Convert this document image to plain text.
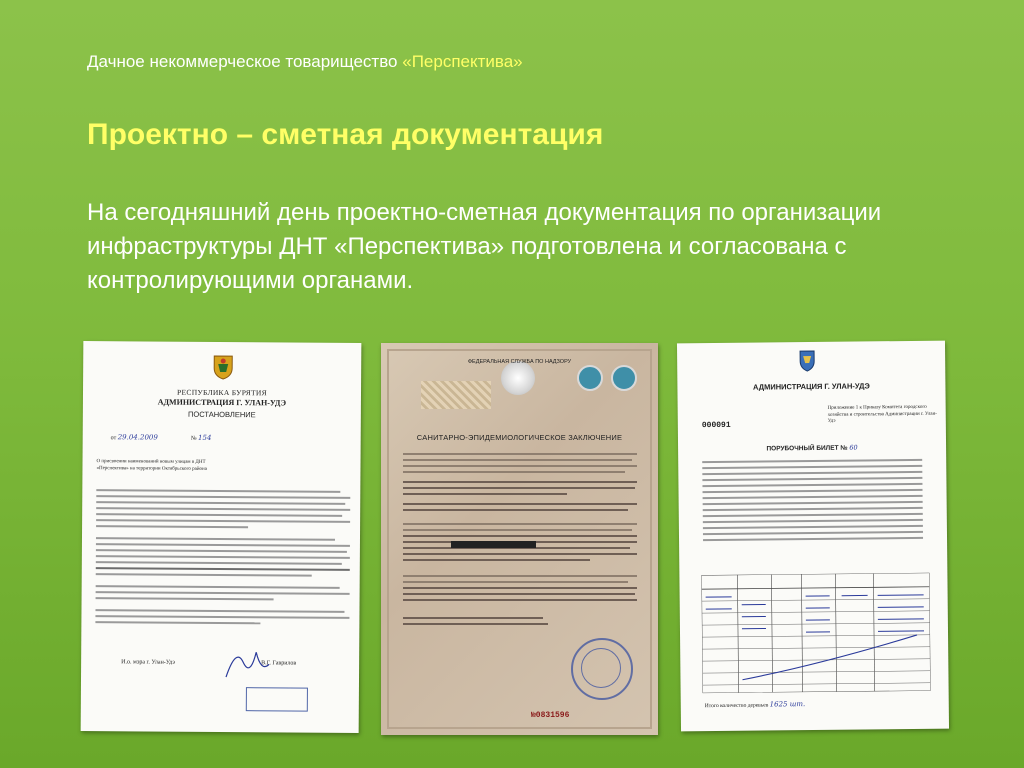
Дачное некоммерческое товарищество «Перспектива»
Проектно – сметная документация
На сегодняшний день проектно-сметная документация по организации инфраструктуры ДНТ «Перспектива» подготовлена и согласована с контролирующими органами.
РЕСПУБЛИКА БУРЯТИЯ
АДМИНИСТРАЦИЯ Г. УЛАН-УДЭ
ПОСТАНОВЛЕНИЕ
от 29.04.2009	№ 154
О присвоении наименований новым улицам в ДНТ «Перспектива» на территории Октябрьского района
И.о. мэра г. Улан-Удэ	В.Г. Гаврилов
ФЕДЕРАЛЬНАЯ СЛУЖБА ПО НАДЗОРУ
САНИТАРНО-ЭПИДЕМИОЛОГИЧЕСКОЕ ЗАКЛЮЧЕНИЕ
№0831596
АДМИНИСТРАЦИЯ Г. УЛАН-УДЭ
Приложение 1 к Приказу Комитета городского хозяйства и строительства Администрации г. Улан-Удэ
000091
ПОРУБОЧНЫЙ БИЛЕТ № 60
Итого количество деревьев 1625 шт.
